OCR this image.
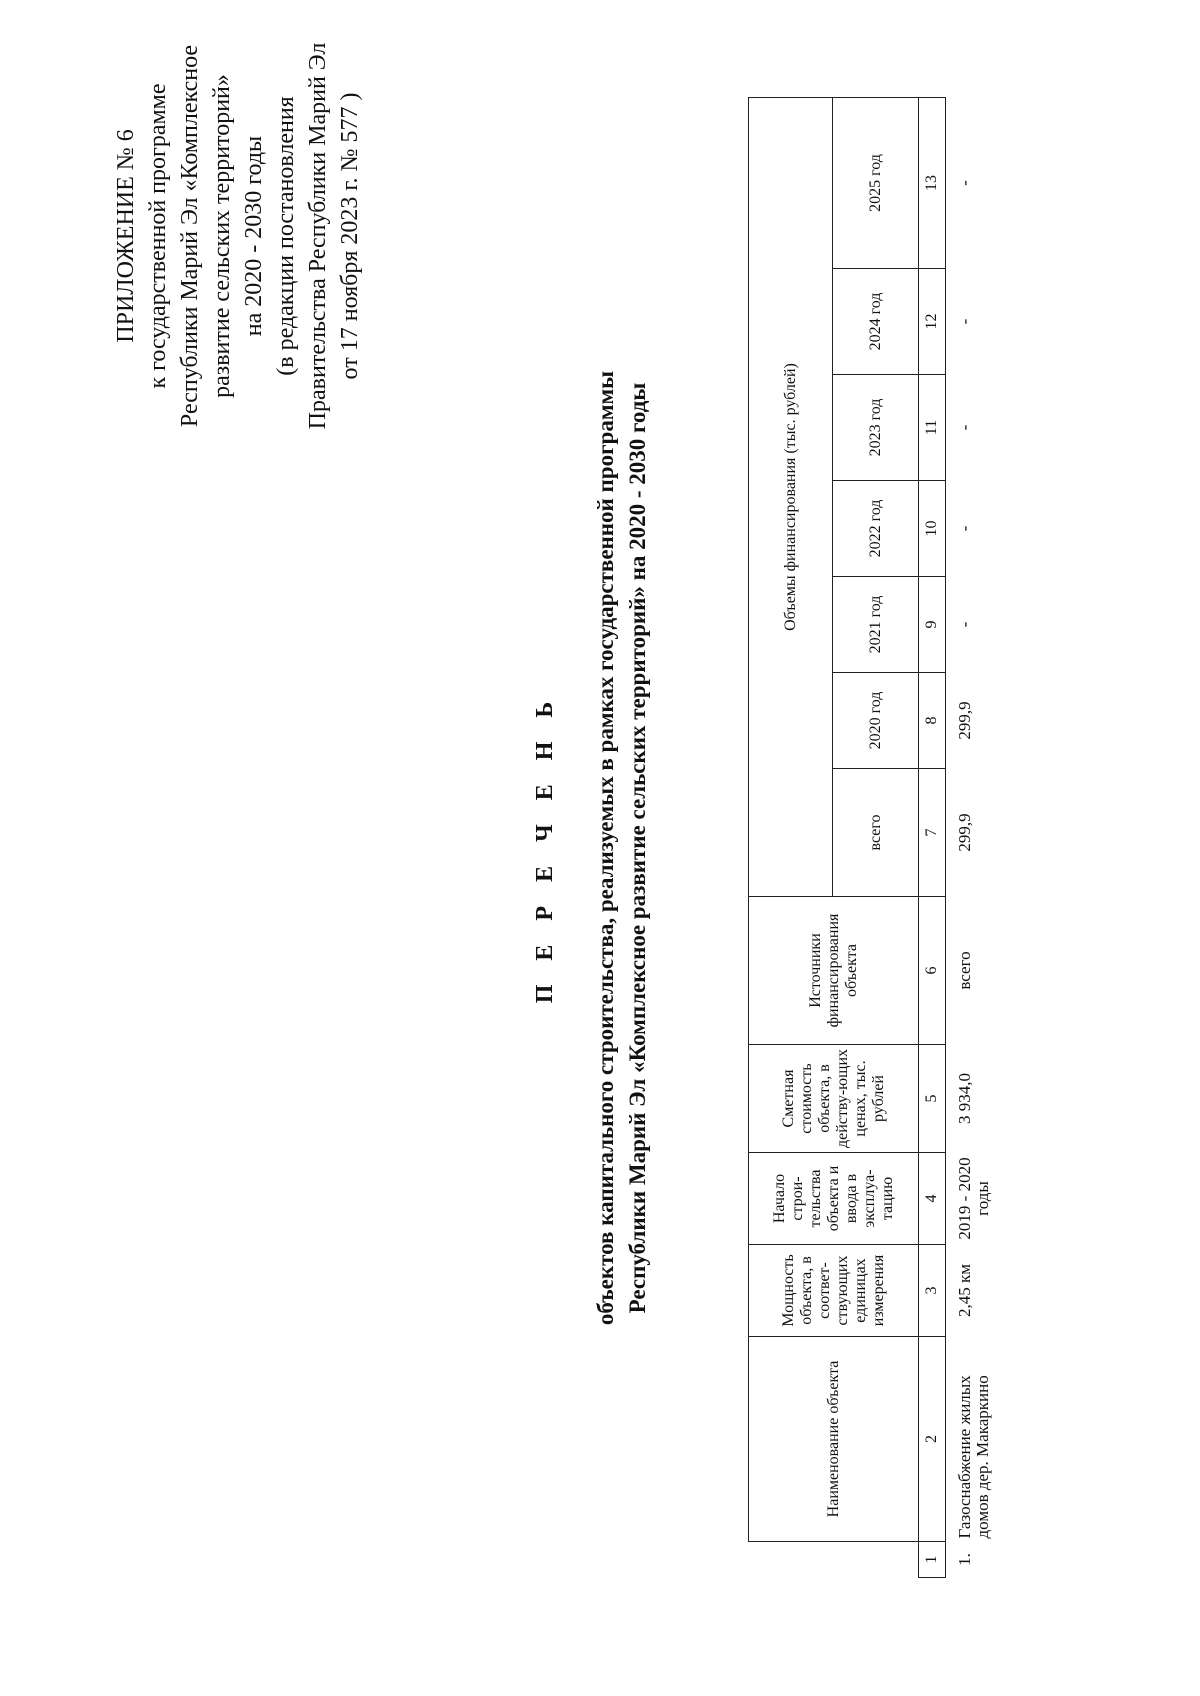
ПРИЛОЖЕНИЕ № 6 к государственной программе Республики Марий Эл «Комплексное развитие сельских территорий» на 2020 - 2030 годы (в редакции постановления Правительства Республики Марий Эл от 17 ноября 2023 г. № 577 )
П Е Р Е Ч Е Н Ь объектов капитального строительства, реализуемых в рамках государственной программы Республики Марий Эл «Комплексное развитие сельских территорий» на 2020 - 2030 годы
	Наименование объекта	Мощность объекта, в соответ-ствующих единицах измерения	Начало строи-тельства объекта и ввода в эксплуа-тацию	Сметная стоимость объекта, в действу-ющих ценах, тыс. рублей	Источники финансирования объекта	Объемы финансирования (тыс. рублей)						
						всего	2020 год	2021 год	2022 год	2023 год	2024 год	2025 год
1	2	3	4	5	6	7	8	9	10	11	12	13
1.	Газоснабжение жилых домов дер. Макаркино	2,45 км	2019 - 2020 годы	3 934,0	всего	299,9	299,9	-	-	-	-	-
